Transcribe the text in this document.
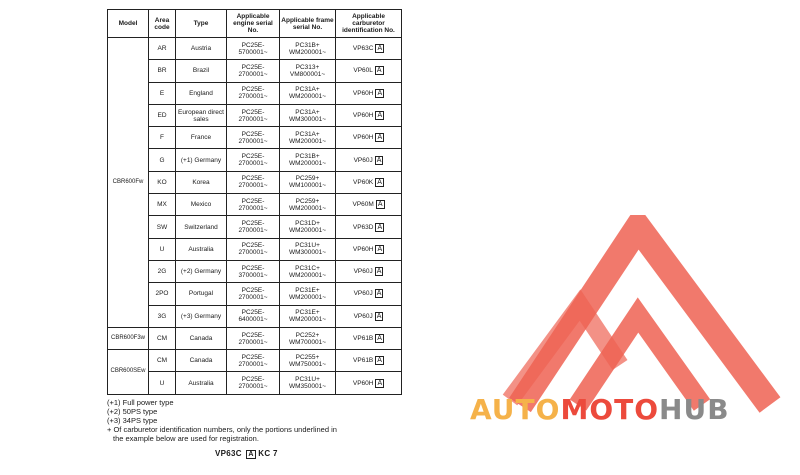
Model	Area code	Type	Applicable engine serial No.	Applicable frame serial No.	Applicable carburetor identification No.
CBR600Fw	AR	Austria	PC25E-5700001~	PC31B+ WM200001~	VP63C A
	BR	Brazil	PC25E-2700001~	PC313+ VM800001~	VP60L A
	E	England	PC25E-2700001~	PC31A+ WM200001~	VP60H A
	ED	European direct sales	PC25E-2700001~	PC31A+ WM300001~	VP60H A
	F	France	PC25E-2700001~	PC31A+ WM200001~	VP60H A
	G	(+1) Germany	PC25E-2700001~	PC31B+ WM200001~	VP60J A
	KO	Korea	PC25E-2700001~	PC259+ WM100001~	VP60K A
	MX	Mexico	PC25E-2700001~	PC259+ WM200001~	VP60M A
	SW	Switzerland	PC25E-2700001~	PC31D+ WM200001~	VP63D A
	U	Australia	PC25E-2700001~	PC31U+ WM300001~	VP60H A
	2G	(+2) Germany	PC25E-3700001~	PC31C+ WM200001~	VP60J A
	2PO	Portugal	PC25E-2700001~	PC31E+ WM200001~	VP60J A
	3G	(+3) Germany	PC25E-6400001~	PC31E+ WM200001~	VP60J A
CBR600F3w	CM	Canada	PC25E-2700001~	PC252+ WM700001~	VP61B A
CBR600SEw	CM	Canada	PC25E-2700001~	PC255+ WM750001~	VP61B A
	U	Australia	PC25E-2700001~	PC31U+ WM350001~	VP60H A
(+1) Full power type
(+2) 50PS type
(+3) 34PS type
+ Of carburetor identification numbers, only the portions underlined in
the example below are used for registration.
VP63C A KC 7
AUTOMOTOHUB
